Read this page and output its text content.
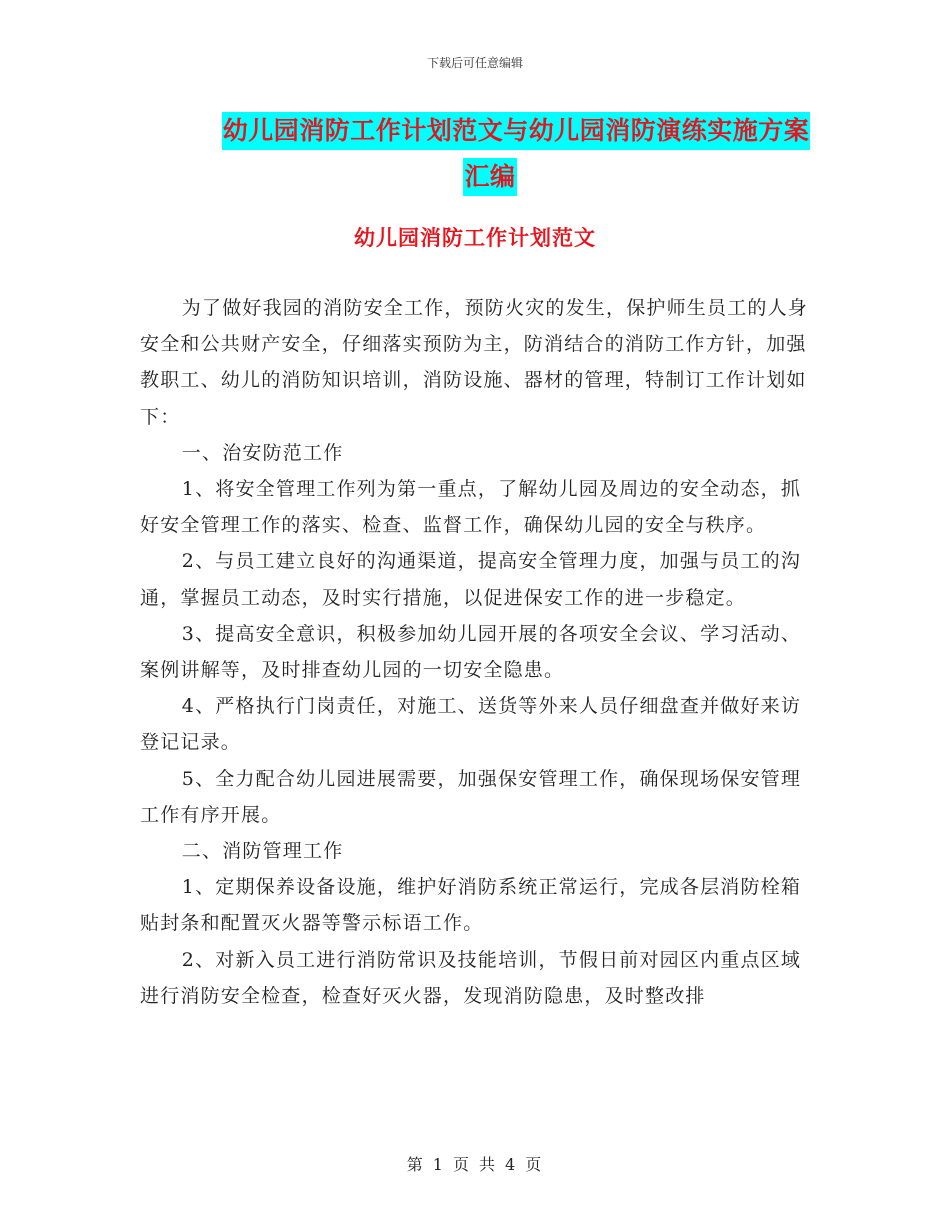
下载后可任意编辑
幼儿园消防工作计划范文与幼儿园消防演练实施方案
汇编
幼儿园消防工作计划范文

为了做好我园的消防安全工作，预防火灾的发生，保护师生员工的人身安全和公共财产安全，仔细落实预防为主，防消结合的消防工作方针，加强教职工、幼儿的消防知识培训，消防设施、器材的管理，特制订工作计划如下：

一、治安防范工作

1、将安全管理工作列为第一重点，了解幼儿园及周边的安全动态，抓好安全管理工作的落实、检查、监督工作，确保幼儿园的安全与秩序。

2、与员工建立良好的沟通渠道，提高安全管理力度，加强与员工的沟通，掌握员工动态，及时实行措施，以促进保安工作的进一步稳定。

3、提高安全意识，积极参加幼儿园开展的各项安全会议、学习活动、案例讲解等，及时排查幼儿园的一切安全隐患。

4、严格执行门岗责任，对施工、送货等外来人员仔细盘查并做好来访登记记录。

5、全力配合幼儿园进展需要，加强保安管理工作，确保现场保安管理工作有序开展。

二、消防管理工作

1、定期保养设备设施，维护好消防系统正常运行，完成各层消防栓箱贴封条和配置灭火器等警示标语工作。

2、对新入员工进行消防常识及技能培训，节假日前对园区内重点区域进行消防安全检查，检查好灭火器，发现消防隐患，及时整改排

第 1 页 共 4 页
